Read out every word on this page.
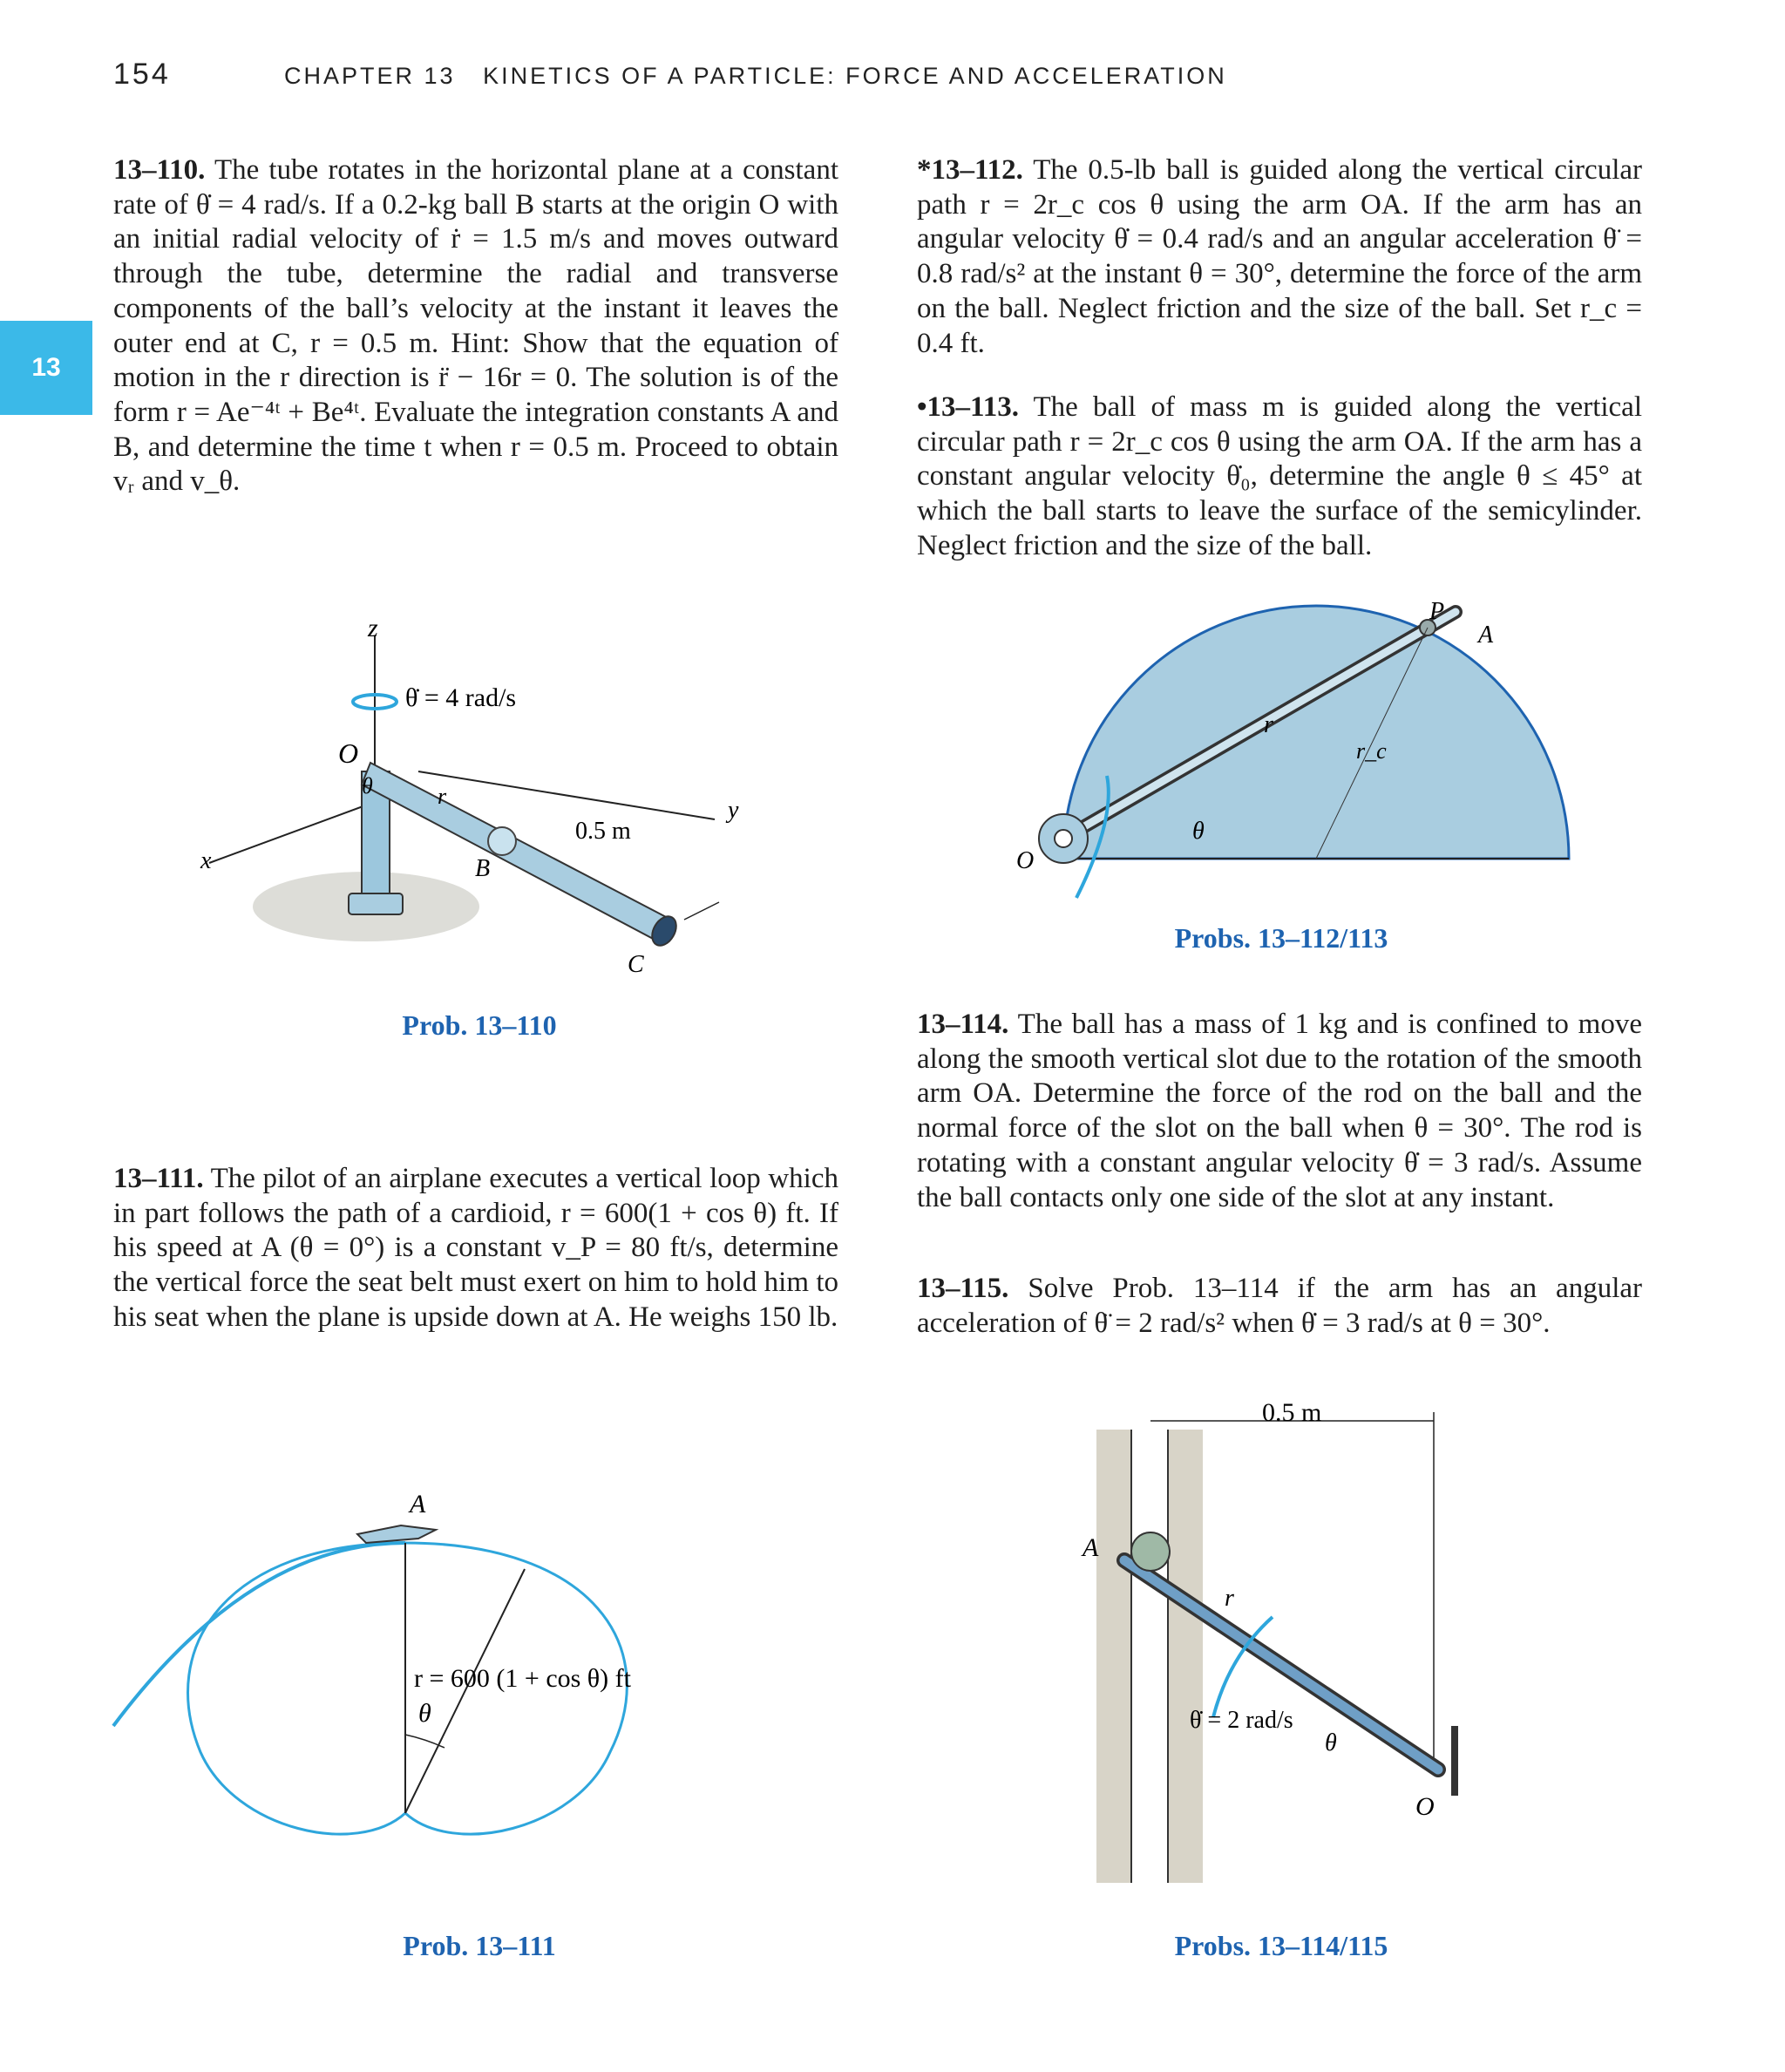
154	CHAPTER 13 KINETICS OF A PARTICLE: FORCE AND ACCELERATION
13
13–110. The tube rotates in the horizontal plane at a constant rate of θ̇ = 4 rad/s. If a 0.2-kg ball B starts at the origin O with an initial radial velocity of ṙ = 1.5 m/s and moves outward through the tube, determine the radial and transverse components of the ball’s velocity at the instant it leaves the outer end at C, r = 0.5 m. Hint: Show that the equation of motion in the r direction is r̈ − 16r = 0. The solution is of the form r = Ae⁻⁴ᵗ + Be⁴ᵗ. Evaluate the integration constants A and B, and determine the time t when r = 0.5 m. Proceed to obtain vᵣ and v_θ.
13–111. The pilot of an airplane executes a vertical loop which in part follows the path of a cardioid, r = 600(1 + cos θ) ft. If his speed at A (θ = 0°) is a constant v_P = 80 ft/s, determine the vertical force the seat belt must exert on him to hold him to his seat when the plane is upside down at A. He weighs 150 lb.
*13–112. The 0.5-lb ball is guided along the vertical circular path r = 2r_c cos θ using the arm OA. If the arm has an angular velocity θ̇ = 0.4 rad/s and an angular acceleration θ̈ = 0.8 rad/s² at the instant θ = 30°, determine the force of the arm on the ball. Neglect friction and the size of the ball. Set r_c = 0.4 ft.
•13–113. The ball of mass m is guided along the vertical circular path r = 2r_c cos θ using the arm OA. If the arm has a constant angular velocity θ̇₀, determine the angle θ ≤ 45° at which the ball starts to leave the surface of the semicylinder. Neglect friction and the size of the ball.
13–114. The ball has a mass of 1 kg and is confined to move along the smooth vertical slot due to the rotation of the smooth arm OA. Determine the force of the rod on the ball and the normal force of the slot on the ball when θ = 30°. The rod is rotating with a constant angular velocity θ̇ = 3 rad/s. Assume the ball contacts only one side of the slot at any instant.
13–115. Solve Prob. 13–114 if the arm has an angular acceleration of θ̈ = 2 rad/s² when θ̇ = 3 rad/s at θ = 30°.
z
θ̇ = 4 rad/s
O
θ	r
0.5 m
y
x	B
C
Prob. 13–110
A
r = 600 (1 + cos θ) ft
θ
Prob. 13–111
P
A
r
r_c
θ
O
Probs. 13–112/113
0.5 m
A
r
θ̇ = 2 rad/s
θ
O
Probs. 13–114/115
